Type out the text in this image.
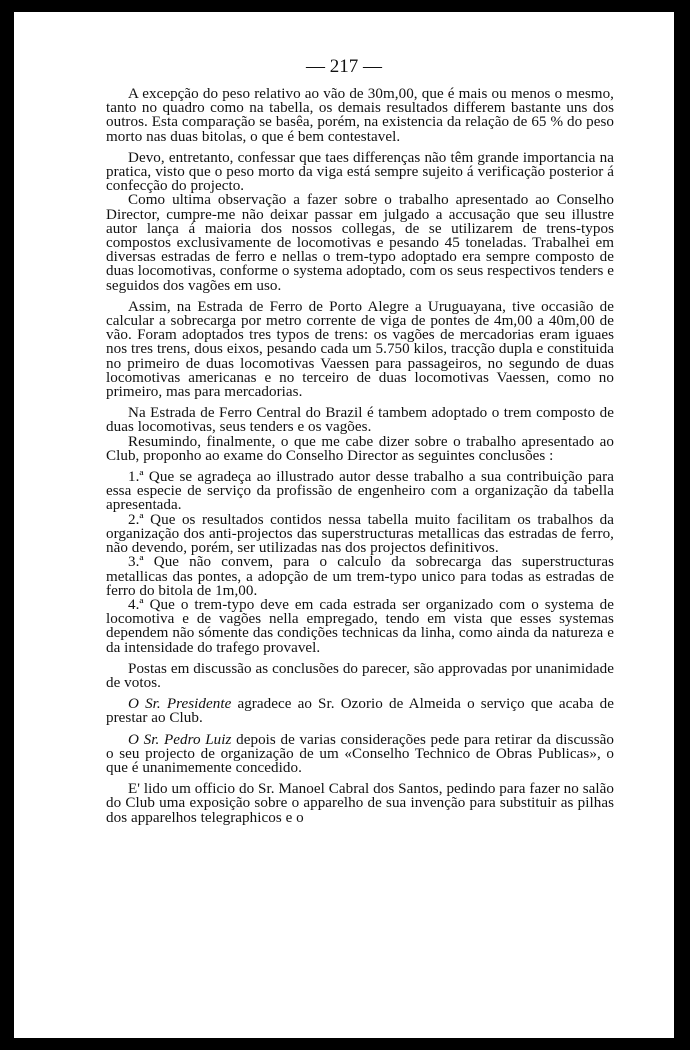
— 217 —

A excepção do peso relativo ao vão de 30m,00, que é mais ou menos o mesmo, tanto no quadro como na tabella, os demais resultados differem bastante uns dos outros. Esta comparação se basêa, porém, na existencia da relação de 65 % do peso morto nas duas bitolas, o que é bem contestavel.

Devo, entretanto, confessar que taes differenças não têm grande importancia na pratica, visto que o peso morto da viga está sempre sujeito á verificação posterior á confecção do projecto.

Como ultima observação a fazer sobre o trabalho apresentado ao Conselho Director, cumpre-me não deixar passar em julgado a accusação que seu illustre autor lança á maioria dos nossos collegas, de se utilizarem de trens-typos compostos exclusivamente de locomotivas e pesando 45 toneladas. Trabalhei em diversas estradas de ferro e nellas o trem-typo adoptado era sempre composto de duas locomotivas, conforme o systema adoptado, com os seus respectivos tenders e seguidos dos vagões em uso.

Assim, na Estrada de Ferro de Porto Alegre a Uruguayana, tive occasião de calcular a sobrecarga por metro corrente de viga de pontes de 4m,00 a 40m,00 de vão. Foram adoptados tres typos de trens: os vagões de mercadorias eram iguaes nos tres trens, dous eixos, pesando cada um 5.750 kilos, tracção dupla e constituida no primeiro de duas locomotivas Vaessen para passageiros, no segundo de duas locomotivas americanas e no terceiro de duas locomotivas Vaessen, como no primeiro, mas para mercadorias.

Na Estrada de Ferro Central do Brazil é tambem adoptado o trem composto de duas locomotivas, seus tenders e os vagões.

Resumindo, finalmente, o que me cabe dizer sobre o trabalho apresentado ao Club, proponho ao exame do Conselho Director as seguintes conclusões :

1.ª Que se agradeça ao illustrado autor desse trabalho a sua contribuição para essa especie de serviço da profissão de engenheiro com a organização da tabella apresentada.

2.ª Que os resultados contidos nessa tabella muito facilitam os trabalhos da organização dos anti-projectos das superstructuras metallicas das estradas de ferro, não devendo, porém, ser utilizadas nas dos projectos definitivos.

3.ª Que não convem, para o calculo da sobrecarga das superstructuras metallicas das pontes, a adopção de um trem-typo unico para todas as estradas de ferro do bitola de 1m,00.

4.ª Que o trem-typo deve em cada estrada ser organizado com o systema de locomotiva e de vagões nella empregado, tendo em vista que esses systemas dependem não sómente das condições technicas da linha, como ainda da natureza e da intensidade do trafego provavel.

Postas em discussão as conclusões do parecer, são approvadas por unanimidade de votos.

O Sr. Presidente agradece ao Sr. Ozorio de Almeida o serviço que acaba de prestar ao Club.

O Sr. Pedro Luiz depois de varias considerações pede para retirar da discussão o seu projecto de organização de um «Conselho Technico de Obras Publicas», o que é unanimemente concedido.

E' lido um officio do Sr. Manoel Cabral dos Santos, pedindo para fazer no salão do Club uma exposição sobre o apparelho de sua invenção para substituir as pilhas dos apparelhos telegraphicos e o
